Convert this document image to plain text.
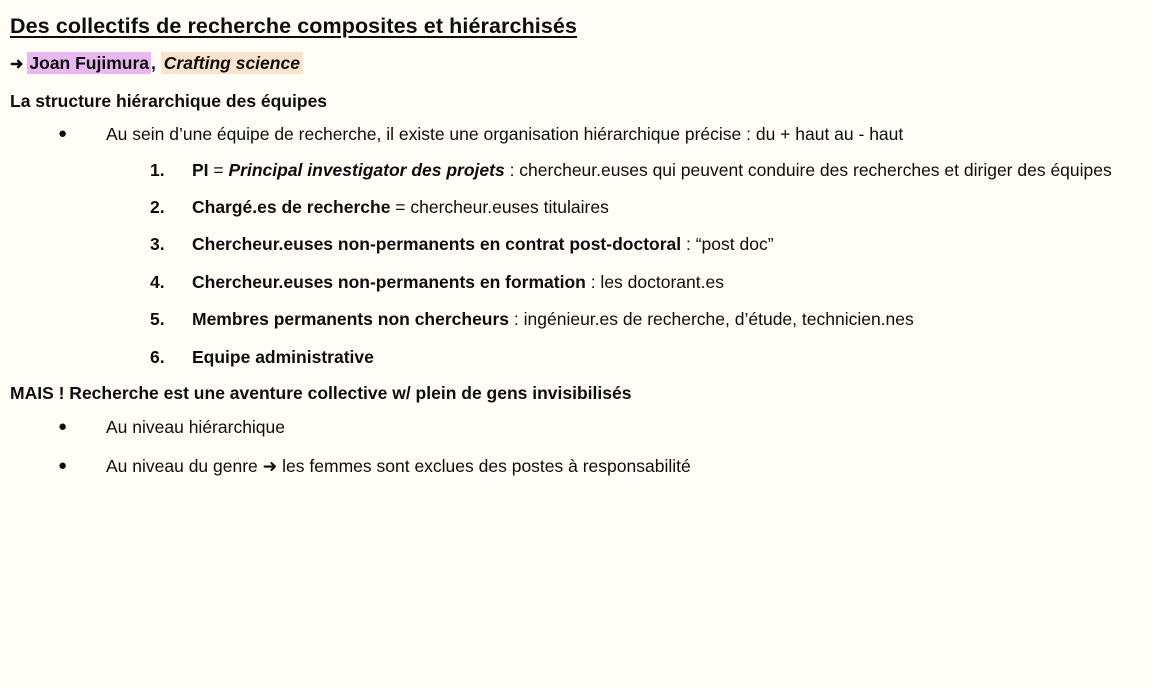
Des collectifs de recherche composites et hiérarchisés
➜ Joan Fujimura , Crafting science
La structure hiérarchique des équipes
● Au sein d’une équipe de recherche, il existe une organisation hiérarchique précise : du + haut au - haut
1. PI = Principal investigator des projets : chercheur.euses qui peuvent conduire des recherches et diriger des équipes
2. Chargé.es de recherche = chercheur.euses titulaires
3. Chercheur.euses non-permanents en contrat post-doctoral : “post doc”
4. Chercheur.euses non-permanents en formation : les doctorant.es
5. Membres permanents non chercheurs : ingénieur.es de recherche, d’étude, technicien.nes
6. Equipe administrative
MAIS ! Recherche est une aventure collective w/ plein de gens invisibilisés
● Au niveau hiérarchique
● Au niveau du genre ➜ les femmes sont exclues des postes à responsabilité
